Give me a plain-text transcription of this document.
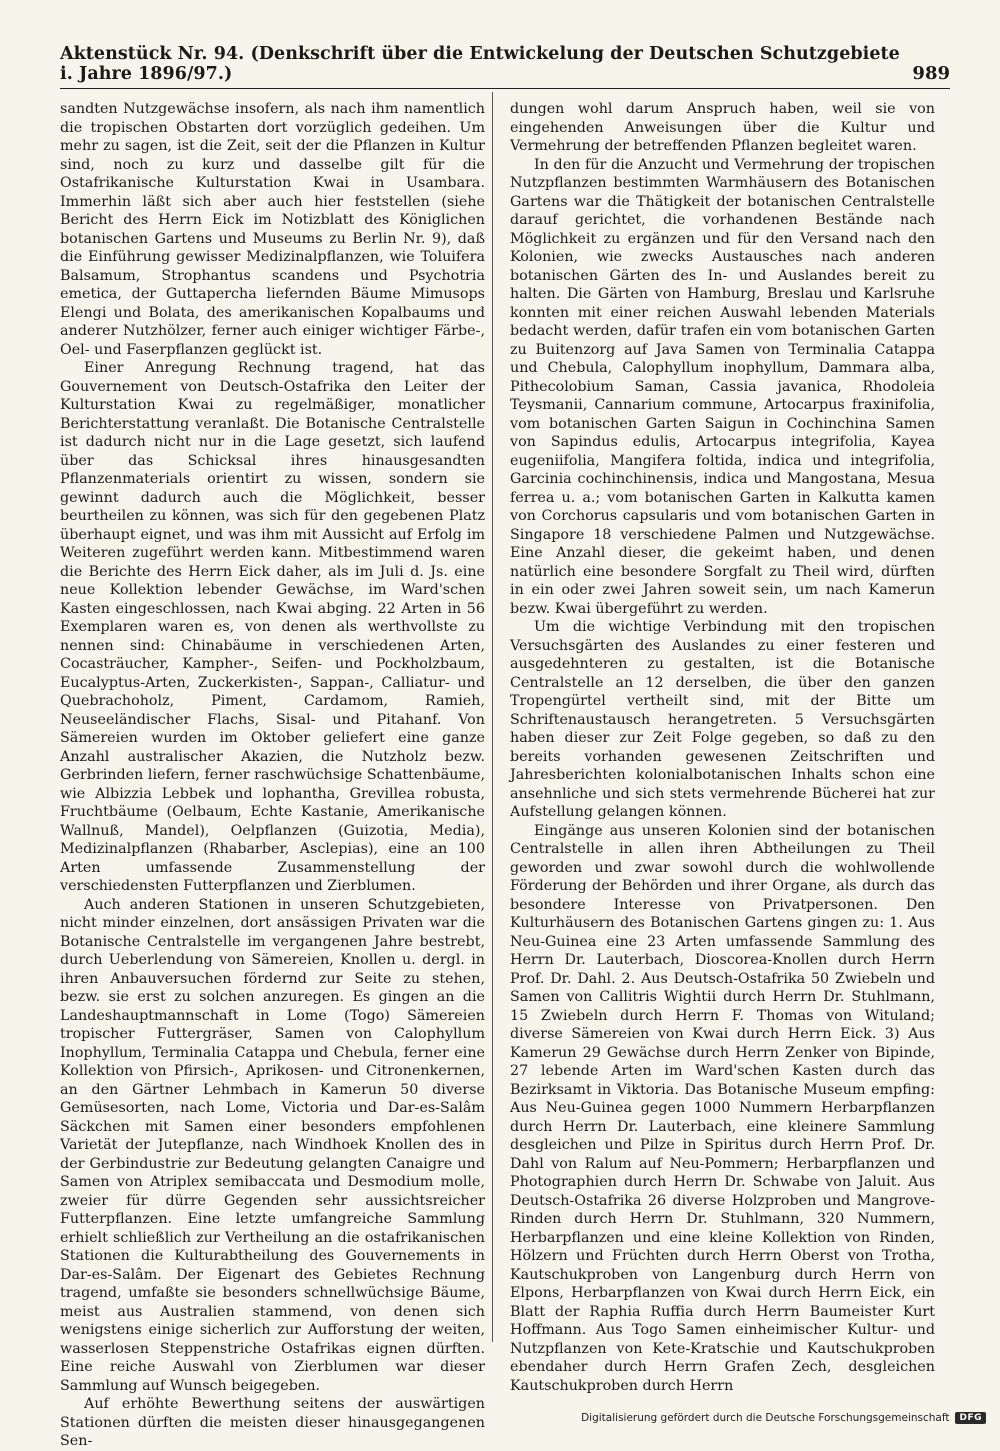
Aktenstück Nr. 94. (Denkschrift über die Entwickelung der Deutschen Schutzgebiete i. Jahre 1896/97.)	989

sandten Nutzgewächse insofern, als nach ihm namentlich die tropischen Obstarten dort vorzüglich gedeihen. Um mehr zu sagen, ist die Zeit, seit der die Pflanzen in Kultur sind, noch zu kurz und dasselbe gilt für die Ostafrikanische Kulturstation Kwai in Usambara. Immerhin läßt sich aber auch hier feststellen (siehe Bericht des Herrn Eick im Notizblatt des Königlichen botanischen Gartens und Museums zu Berlin Nr. 9), daß die Einführung gewisser Medizinalpflanzen, wie Toluifera Balsamum, Strophantus scandens und Psychotria emetica, der Guttapercha liefernden Bäume Mimusops Elengi und Bolata, des amerikanischen Kopalbaums und anderer Nutzhölzer, ferner auch einiger wichtiger Färbe-, Oel- und Faserpflanzen geglückt ist.

Einer Anregung Rechnung tragend, hat das Gouvernement von Deutsch-Ostafrika den Leiter der Kulturstation Kwai zu regelmäßiger, monatlicher Berichterstattung veranlaßt. Die Botanische Centralstelle ist dadurch nicht nur in die Lage gesetzt, sich laufend über das Schicksal ihres hinausgesandten Pflanzenmaterials orientirt zu wissen, sondern sie gewinnt dadurch auch die Möglichkeit, besser beurtheilen zu können, was sich für den gegebenen Platz überhaupt eignet, und was ihm mit Aussicht auf Erfolg im Weiteren zugeführt werden kann. Mitbestimmend waren die Berichte des Herrn Eick daher, als im Juli d. Js. eine neue Kollektion lebender Gewächse, im Ward'schen Kasten eingeschlossen, nach Kwai abging. 22 Arten in 56 Exemplaren waren es, von denen als werthvollste zu nennen sind: Chinabäume in verschiedenen Arten, Cocasträucher, Kampher-, Seifen- und Pockholzbaum, Eucalyptus-Arten, Zuckerkisten-, Sappan-, Calliatur- und Quebrachoholz, Piment, Cardamom, Ramieh, Neuseeländischer Flachs, Sisal- und Pitahanf. Von Sämereien wurden im Oktober geliefert eine ganze Anzahl australischer Akazien, die Nutzholz bezw. Gerbrinden liefern, ferner raschwüchsige Schattenbäume, wie Albizzia Lebbek und lophantha, Grevillea robusta, Fruchtbäume (Oelbaum, Echte Kastanie, Amerikanische Wallnuß, Mandel), Oelpflanzen (Guizotia, Media), Medizinalpflanzen (Rhabarber, Asclepias), eine an 100 Arten umfassende Zusammenstellung der verschiedensten Futterpflanzen und Zierblumen.

Auch anderen Stationen in unseren Schutzgebieten, nicht minder einzelnen, dort ansässigen Privaten war die Botanische Centralstelle im vergangenen Jahre bestrebt, durch Ueberlendung von Sämereien, Knollen u. dergl. in ihren Anbauversuchen fördernd zur Seite zu stehen, bezw. sie erst zu solchen anzuregen. Es gingen an die Landeshauptmannschaft in Lome (Togo) Sämereien tropischer Futtergräser, Samen von Calophyllum Inophyllum, Terminalia Catappa und Chebula, ferner eine Kollektion von Pfirsich-, Aprikosen- und Citronenkernen, an den Gärtner Lehmbach in Kamerun 50 diverse Gemüsesorten, nach Lome, Victoria und Dar-es-Salâm Säckchen mit Samen einer besonders empfohlenen Varietät der Jutepflanze, nach Windhoek Knollen des in der Gerbindustrie zur Bedeutung gelangten Canaigre und Samen von Atriplex semibaccata und Desmodium molle, zweier für dürre Gegenden sehr aussichtsreicher Futterpflanzen. Eine letzte umfangreiche Sammlung erhielt schließlich zur Vertheilung an die ostafrikanischen Stationen die Kulturabtheilung des Gouvernements in Dar-es-Salâm. Der Eigenart des Gebietes Rechnung tragend, umfaßte sie besonders schnellwüchsige Bäume, meist aus Australien stammend, von denen sich wenigstens einige sicherlich zur Aufforstung der weiten, wasserlosen Steppenstriche Ostafrikas eignen dürften. Eine reiche Auswahl von Zierblumen war dieser Sammlung auf Wunsch beigegeben.

Auf erhöhte Bewerthung seitens der auswärtigen Stationen dürften die meisten dieser hinausgegangenen Sen-

dungen wohl darum Anspruch haben, weil sie von eingehenden Anweisungen über die Kultur und Vermehrung der betreffenden Pflanzen begleitet waren.

In den für die Anzucht und Vermehrung der tropischen Nutzpflanzen bestimmten Warmhäusern des Botanischen Gartens war die Thätigkeit der botanischen Centralstelle darauf gerichtet, die vorhandenen Bestände nach Möglichkeit zu ergänzen und für den Versand nach den Kolonien, wie zwecks Austausches nach anderen botanischen Gärten des In- und Auslandes bereit zu halten. Die Gärten von Hamburg, Breslau und Karlsruhe konnten mit einer reichen Auswahl lebenden Materials bedacht werden, dafür trafen ein vom botanischen Garten zu Buitenzorg auf Java Samen von Terminalia Catappa und Chebula, Calophyllum inophyllum, Dammara alba, Pithecolobium Saman, Cassia javanica, Rhodoleia Teysmanii, Cannarium commune, Artocarpus fraxinifolia, vom botanischen Garten Saigun in Cochinchina Samen von Sapindus edulis, Artocarpus integrifolia, Kayea eugeniifolia, Mangifera foltida, indica und integrifolia, Garcinia cochinchinensis, indica und Mangostana, Mesua ferrea u. a.; vom botanischen Garten in Kalkutta kamen von Corchorus capsularis und vom botanischen Garten in Singapore 18 verschiedene Palmen und Nutzgewächse. Eine Anzahl dieser, die gekeimt haben, und denen natürlich eine besondere Sorgfalt zu Theil wird, dürften in ein oder zwei Jahren soweit sein, um nach Kamerun bezw. Kwai übergeführt zu werden.

Um die wichtige Verbindung mit den tropischen Versuchsgärten des Auslandes zu einer festeren und ausgedehnteren zu gestalten, ist die Botanische Centralstelle an 12 derselben, die über den ganzen Tropengürtel vertheilt sind, mit der Bitte um Schriftenaustausch herangetreten. 5 Versuchsgärten haben dieser zur Zeit Folge gegeben, so daß zu den bereits vorhanden gewesenen Zeitschriften und Jahresberichten kolonialbotanischen Inhalts schon eine ansehnliche und sich stets vermehrende Bücherei hat zur Aufstellung gelangen können.

Eingänge aus unseren Kolonien sind der botanischen Centralstelle in allen ihren Abtheilungen zu Theil geworden und zwar sowohl durch die wohlwollende Förderung der Behörden und ihrer Organe, als durch das besondere Interesse von Privatpersonen. Den Kulturhäusern des Botanischen Gartens gingen zu: 1. Aus Neu-Guinea eine 23 Arten umfassende Sammlung des Herrn Dr. Lauterbach, Dioscorea-Knollen durch Herrn Prof. Dr. Dahl. 2. Aus Deutsch-Ostafrika 50 Zwiebeln und Samen von Callitris Wightii durch Herrn Dr. Stuhlmann, 15 Zwiebeln durch Herrn F. Thomas von Wituland; diverse Sämereien von Kwai durch Herrn Eick. 3) Aus Kamerun 29 Gewächse durch Herrn Zenker von Bipinde, 27 lebende Arten im Ward'schen Kasten durch das Bezirksamt in Viktoria. Das Botanische Museum empfing: Aus Neu-Guinea gegen 1000 Nummern Herbarpflanzen durch Herrn Dr. Lauterbach, eine kleinere Sammlung desgleichen und Pilze in Spiritus durch Herrn Prof. Dr. Dahl von Ralum auf Neu-Pommern; Herbarpflanzen und Photographien durch Herrn Dr. Schwabe von Jaluit. Aus Deutsch-Ostafrika 26 diverse Holzproben und Mangrove-Rinden durch Herrn Dr. Stuhlmann, 320 Nummern, Herbarpflanzen und eine kleine Kollektion von Rinden, Hölzern und Früchten durch Herrn Oberst von Trotha, Kautschukproben von Langenburg durch Herrn von Elpons, Herbarpflanzen von Kwai durch Herrn Eick, ein Blatt der Raphia Ruffia durch Herrn Baumeister Kurt Hoffmann. Aus Togo Samen einheimischer Kultur- und Nutzpflanzen von Kete-Kratschie und Kautschukproben ebendaher durch Herrn Grafen Zech, desgleichen Kautschukproben durch Herrn

Digitalisierung gefördert durch die Deutsche Forschungsgemeinschaft	DFG
